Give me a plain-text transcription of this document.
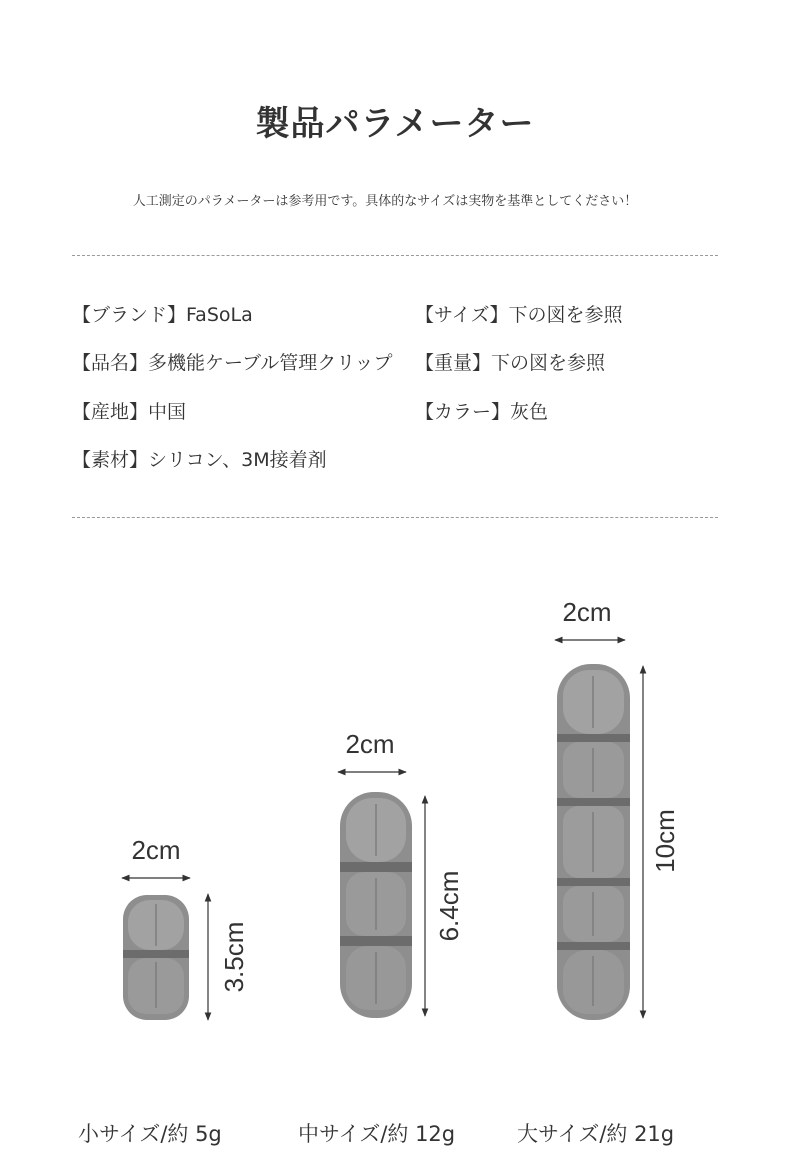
製品パラメーター
人工測定のパラメーターは参考用です。具体的なサイズは実物を基準としてください！
【ブランド】FaSoLa
【品名】多機能ケーブル管理クリップ
【産地】中国
【素材】シリコン、3M接着剤
【サイズ】下の図を参照
【重量】下の図を参照
【カラー】灰色
2cm
3.5cm
2cm
6.4cm
2cm
10cm
小サイズ/約 5g	中サイズ/約 12g	大サイズ/約 21g
